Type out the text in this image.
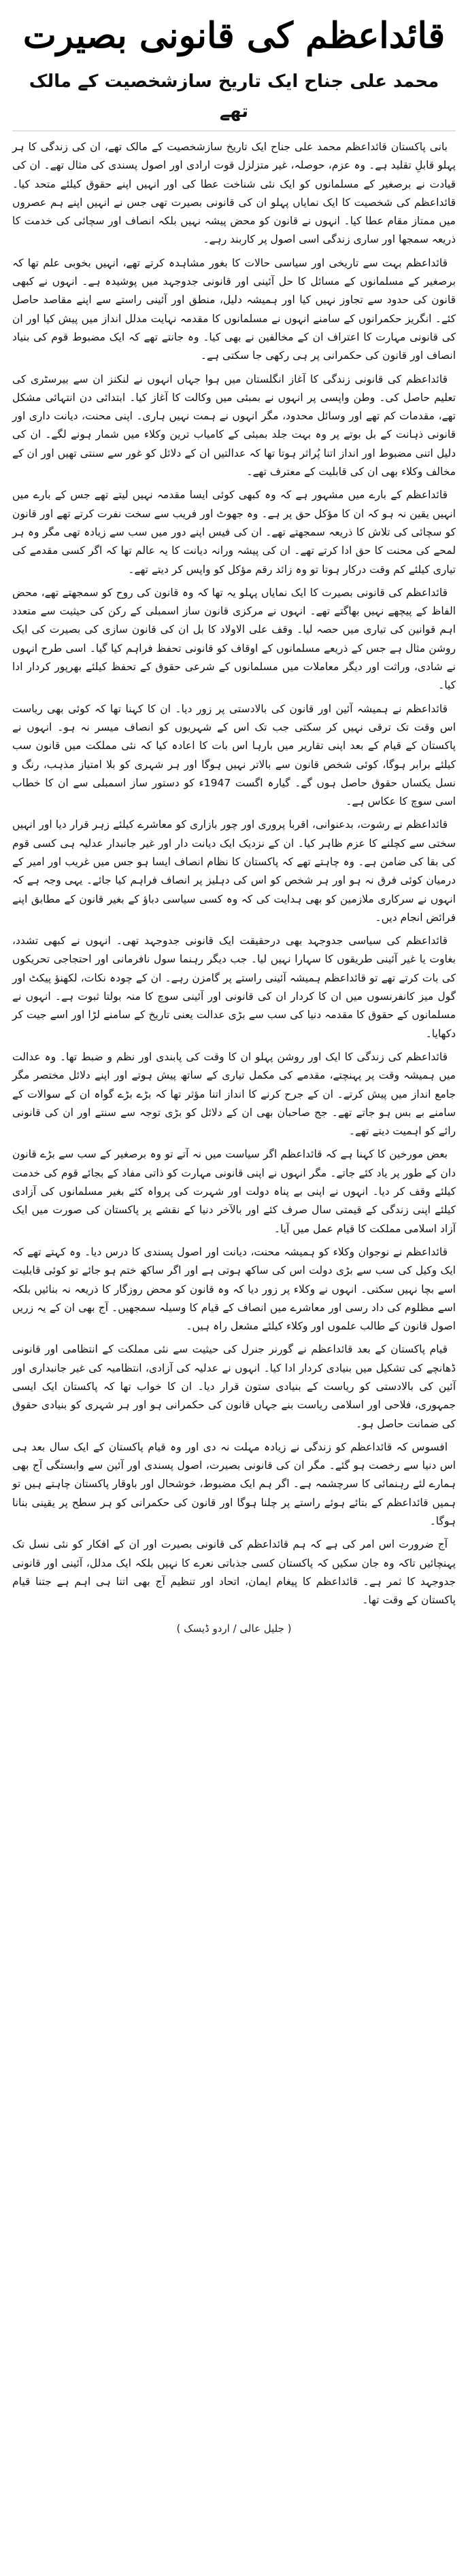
قائداعظم کی قانونی بصیرت
محمد علی جناح ایک تاریخ سازشخصیت کے مالک تھے

بانی پاکستان قائداعظم محمد علی جناح ایک تاریخ سازشخصیت کے مالک تھے، ان کی زندگی کا ہر پہلو قابلِ تقلید ہے۔ وہ عزم، حوصلہ، غیر متزلزل قوت ارادی اور اصول پسندی کی مثال تھے۔ ان کی قیادت نے برصغیر کے مسلمانوں کو ایک نئی شناخت عطا کی اور انہیں اپنے حقوق کیلئے متحد کیا۔ قائداعظم کی شخصیت کا ایک نمایاں پہلو ان کی قانونی بصیرت تھی جس نے انہیں اپنے ہم عصروں میں ممتاز مقام عطا کیا۔ انہوں نے قانون کو محض پیشہ نہیں بلکہ انصاف اور سچائی کی خدمت کا ذریعہ سمجھا اور ساری زندگی اسی اصول پر کاربند رہے۔

قائداعظم بہت سے تاریخی اور سیاسی حالات کا بغور مشاہدہ کرتے تھے، انہیں بخوبی علم تھا کہ برصغیر کے مسلمانوں کے مسائل کا حل آئینی اور قانونی جدوجہد میں پوشیدہ ہے۔ انہوں نے کبھی قانون کی حدود سے تجاوز نہیں کیا اور ہمیشہ دلیل، منطق اور آئینی راستے سے اپنے مقاصد حاصل کئے۔ انگریز حکمرانوں کے سامنے انہوں نے مسلمانوں کا مقدمہ نہایت مدلل انداز میں پیش کیا اور ان کی قانونی مہارت کا اعتراف ان کے مخالفین نے بھی کیا۔ وہ جانتے تھے کہ ایک مضبوط قوم کی بنیاد انصاف اور قانون کی حکمرانی پر ہی رکھی جا سکتی ہے۔

قائداعظم کی قانونی زندگی کا آغاز انگلستان میں ہوا جہاں انہوں نے لنکنز ان سے بیرسٹری کی تعلیم حاصل کی۔ وطن واپسی پر انہوں نے بمبئی میں وکالت کا آغاز کیا۔ ابتدائی دن انتہائی مشکل تھے، مقدمات کم تھے اور وسائل محدود، مگر انہوں نے ہمت نہیں ہاری۔ اپنی محنت، دیانت داری اور قانونی ذہانت کے بل بوتے پر وہ بہت جلد بمبئی کے کامیاب ترین وکلاء میں شمار ہونے لگے۔ ان کی دلیل اتنی مضبوط اور انداز اتنا پُراثر ہوتا تھا کہ عدالتیں ان کے دلائل کو غور سے سنتی تھیں اور ان کے مخالف وکلاء بھی ان کی قابلیت کے معترف تھے۔

قائداعظم کے بارے میں مشہور ہے کہ وہ کبھی کوئی ایسا مقدمہ نہیں لیتے تھے جس کے بارے میں انہیں یقین نہ ہو کہ ان کا مؤکل حق پر ہے۔ وہ جھوٹ اور فریب سے سخت نفرت کرتے تھے اور قانون کو سچائی کی تلاش کا ذریعہ سمجھتے تھے۔ ان کی فیس اپنے دور میں سب سے زیادہ تھی مگر وہ ہر لمحے کی محنت کا حق ادا کرتے تھے۔ ان کی پیشہ ورانہ دیانت کا یہ عالم تھا کہ اگر کسی مقدمے کی تیاری کیلئے کم وقت درکار ہوتا تو وہ زائد رقم مؤکل کو واپس کر دیتے تھے۔

قائداعظم کی قانونی بصیرت کا ایک نمایاں پہلو یہ تھا کہ وہ قانون کی روح کو سمجھتے تھے، محض الفاظ کے پیچھے نہیں بھاگتے تھے۔ انہوں نے مرکزی قانون ساز اسمبلی کے رکن کی حیثیت سے متعدد اہم قوانین کی تیاری میں حصہ لیا۔ وقف علی الاولاد کا بل ان کی قانون سازی کی بصیرت کی ایک روشن مثال ہے جس کے ذریعے مسلمانوں کے اوقاف کو قانونی تحفظ فراہم کیا گیا۔ اسی طرح انہوں نے شادی، وراثت اور دیگر معاملات میں مسلمانوں کے شرعی حقوق کے تحفظ کیلئے بھرپور کردار ادا کیا۔

قائداعظم نے ہمیشہ آئین اور قانون کی بالادستی پر زور دیا۔ ان کا کہنا تھا کہ کوئی بھی ریاست اس وقت تک ترقی نہیں کر سکتی جب تک اس کے شہریوں کو انصاف میسر نہ ہو۔ انہوں نے پاکستان کے قیام کے بعد اپنی تقاریر میں بارہا اس بات کا اعادہ کیا کہ نئی مملکت میں قانون سب کیلئے برابر ہوگا، کوئی شخص قانون سے بالاتر نہیں ہوگا اور ہر شہری کو بلا امتیاز مذہب، رنگ و نسل یکساں حقوق حاصل ہوں گے۔ گیارہ اگست 1947ء کو دستور ساز اسمبلی سے ان کا خطاب اسی سوچ کا عکاس ہے۔

قائداعظم نے رشوت، بدعنوانی، اقربا پروری اور چور بازاری کو معاشرے کیلئے زہر قرار دیا اور انہیں سختی سے کچلنے کا عزم ظاہر کیا۔ ان کے نزدیک ایک دیانت دار اور غیر جانبدار عدلیہ ہی کسی قوم کی بقا کی ضامن ہے۔ وہ چاہتے تھے کہ پاکستان کا نظام انصاف ایسا ہو جس میں غریب اور امیر کے درمیان کوئی فرق نہ ہو اور ہر شخص کو اس کی دہلیز پر انصاف فراہم کیا جائے۔ یہی وجہ ہے کہ انہوں نے سرکاری ملازمین کو بھی ہدایت کی کہ وہ کسی سیاسی دباؤ کے بغیر قانون کے مطابق اپنے فرائض انجام دیں۔

قائداعظم کی سیاسی جدوجہد بھی درحقیقت ایک قانونی جدوجہد تھی۔ انہوں نے کبھی تشدد، بغاوت یا غیر آئینی طریقوں کا سہارا نہیں لیا۔ جب دیگر رہنما سول نافرمانی اور احتجاجی تحریکوں کی بات کرتے تھے تو قائداعظم ہمیشہ آئینی راستے پر گامزن رہے۔ ان کے چودہ نکات، لکھنؤ پیکٹ اور گول میز کانفرنسوں میں ان کا کردار ان کی قانونی اور آئینی سوچ کا منہ بولتا ثبوت ہے۔ انہوں نے مسلمانوں کے حقوق کا مقدمہ دنیا کی سب سے بڑی عدالت یعنی تاریخ کے سامنے لڑا اور اسے جیت کر دکھایا۔

قائداعظم کی زندگی کا ایک اور روشن پہلو ان کا وقت کی پابندی اور نظم و ضبط تھا۔ وہ عدالت میں ہمیشہ وقت پر پہنچتے، مقدمے کی مکمل تیاری کے ساتھ پیش ہوتے اور اپنے دلائل مختصر مگر جامع انداز میں پیش کرتے۔ ان کے جرح کرنے کا انداز اتنا مؤثر تھا کہ بڑے بڑے گواہ ان کے سوالات کے سامنے بے بس ہو جاتے تھے۔ جج صاحبان بھی ان کے دلائل کو بڑی توجہ سے سنتے اور ان کی قانونی رائے کو اہمیت دیتے تھے۔

بعض مورخین کا کہنا ہے کہ قائداعظم اگر سیاست میں نہ آتے تو وہ برصغیر کے سب سے بڑے قانون دان کے طور پر یاد کئے جاتے۔ مگر انہوں نے اپنی قانونی مہارت کو ذاتی مفاد کے بجائے قوم کی خدمت کیلئے وقف کر دیا۔ انہوں نے اپنی بے پناہ دولت اور شہرت کی پرواہ کئے بغیر مسلمانوں کی آزادی کیلئے اپنی زندگی کے قیمتی سال صرف کئے اور بالآخر دنیا کے نقشے پر پاکستان کی صورت میں ایک آزاد اسلامی مملکت کا قیام عمل میں آیا۔

قائداعظم نے نوجوان وکلاء کو ہمیشہ محنت، دیانت اور اصول پسندی کا درس دیا۔ وہ کہتے تھے کہ ایک وکیل کی سب سے بڑی دولت اس کی ساکھ ہوتی ہے اور اگر ساکھ ختم ہو جائے تو کوئی قابلیت اسے بچا نہیں سکتی۔ انہوں نے وکلاء پر زور دیا کہ وہ قانون کو محض روزگار کا ذریعہ نہ بنائیں بلکہ اسے مظلوم کی داد رسی اور معاشرے میں انصاف کے قیام کا وسیلہ سمجھیں۔ آج بھی ان کے یہ زریں اصول قانون کے طالب علموں اور وکلاء کیلئے مشعل راہ ہیں۔

قیام پاکستان کے بعد قائداعظم نے گورنر جنرل کی حیثیت سے نئی مملکت کے انتظامی اور قانونی ڈھانچے کی تشکیل میں بنیادی کردار ادا کیا۔ انہوں نے عدلیہ کی آزادی، انتظامیہ کی غیر جانبداری اور آئین کی بالادستی کو ریاست کے بنیادی ستون قرار دیا۔ ان کا خواب تھا کہ پاکستان ایک ایسی جمہوری، فلاحی اور اسلامی ریاست بنے جہاں قانون کی حکمرانی ہو اور ہر شہری کو بنیادی حقوق کی ضمانت حاصل ہو۔

افسوس کہ قائداعظم کو زندگی نے زیادہ مہلت نہ دی اور وہ قیام پاکستان کے ایک سال بعد ہی اس دنیا سے رخصت ہو گئے۔ مگر ان کی قانونی بصیرت، اصول پسندی اور آئین سے وابستگی آج بھی ہمارے لئے رہنمائی کا سرچشمہ ہے۔ اگر ہم ایک مضبوط، خوشحال اور باوقار پاکستان چاہتے ہیں تو ہمیں قائداعظم کے بتائے ہوئے راستے پر چلنا ہوگا اور قانون کی حکمرانی کو ہر سطح پر یقینی بنانا ہوگا۔

آج ضرورت اس امر کی ہے کہ ہم قائداعظم کی قانونی بصیرت اور ان کے افکار کو نئی نسل تک پہنچائیں تاکہ وہ جان سکیں کہ پاکستان کسی جذباتی نعرے کا نہیں بلکہ ایک مدلل، آئینی اور قانونی جدوجہد کا ثمر ہے۔ قائداعظم کا پیغام ایمان، اتحاد اور تنظیم آج بھی اتنا ہی اہم ہے جتنا قیام پاکستان کے وقت تھا۔

( جلیل عالی / اردو ڈیسک )
